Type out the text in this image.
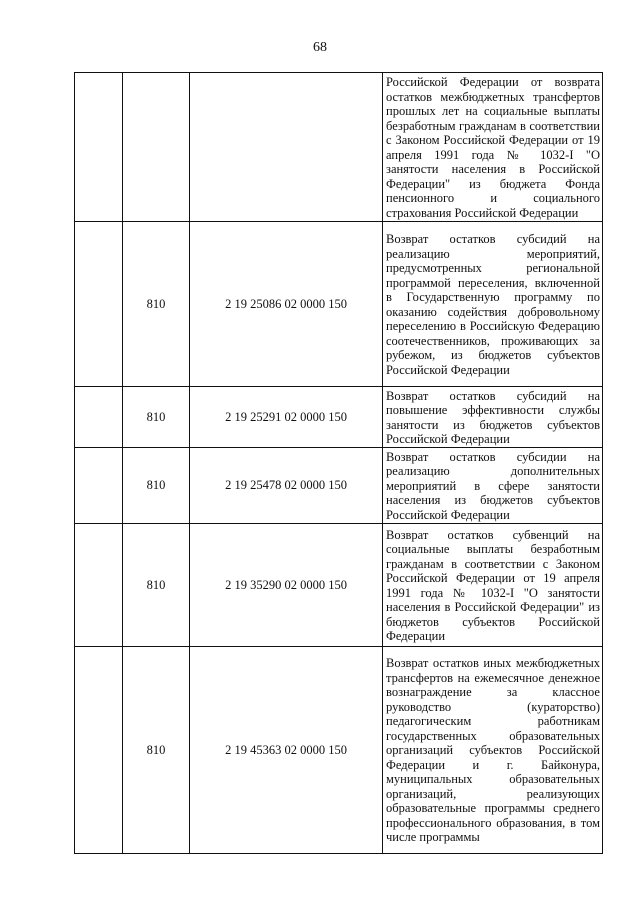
68

			Российской Федерации от возврата остатков межбюджетных трансфертов прошлых лет на социальные выплаты безработным гражданам в соответствии с Законом Российской Федерации от 19 апреля 1991 года № 1032-I "О занятости населения в Российской Федерации" из бюджета Фонда пенсионного и социального страхования Российской Федерации

	810	2 19 25086 02 0000 150	Возврат остатков субсидий на реализацию мероприятий, предусмотренных региональной программой переселения, включенной в Государственную программу по оказанию содействия добровольному переселению в Российскую Федерацию соотечественников, проживающих за рубежом, из бюджетов субъектов Российской Федерации

	810	2 19 25291 02 0000 150	Возврат остатков субсидий на повышение эффективности службы занятости из бюджетов субъектов Российской Федерации

	810	2 19 25478 02 0000 150	Возврат остатков субсидии на реализацию дополнительных мероприятий в сфере занятости населения из бюджетов субъектов Российской Федерации

	810	2 19 35290 02 0000 150	Возврат остатков субвенций на социальные выплаты безработным гражданам в соответствии с Законом Российской Федерации от 19 апреля 1991 года № 1032-I "О занятости населения в Российской Федерации" из бюджетов субъектов Российской Федерации

	810	2 19 45363 02 0000 150	Возврат остатков иных межбюджетных трансфертов на ежемесячное денежное вознаграждение за классное руководство (кураторство) педагогическим работникам государственных образовательных организаций субъектов Российской Федерации и г. Байконура, муниципальных образовательных организаций, реализующих образовательные программы среднего профессионального образования, в том числе программы
